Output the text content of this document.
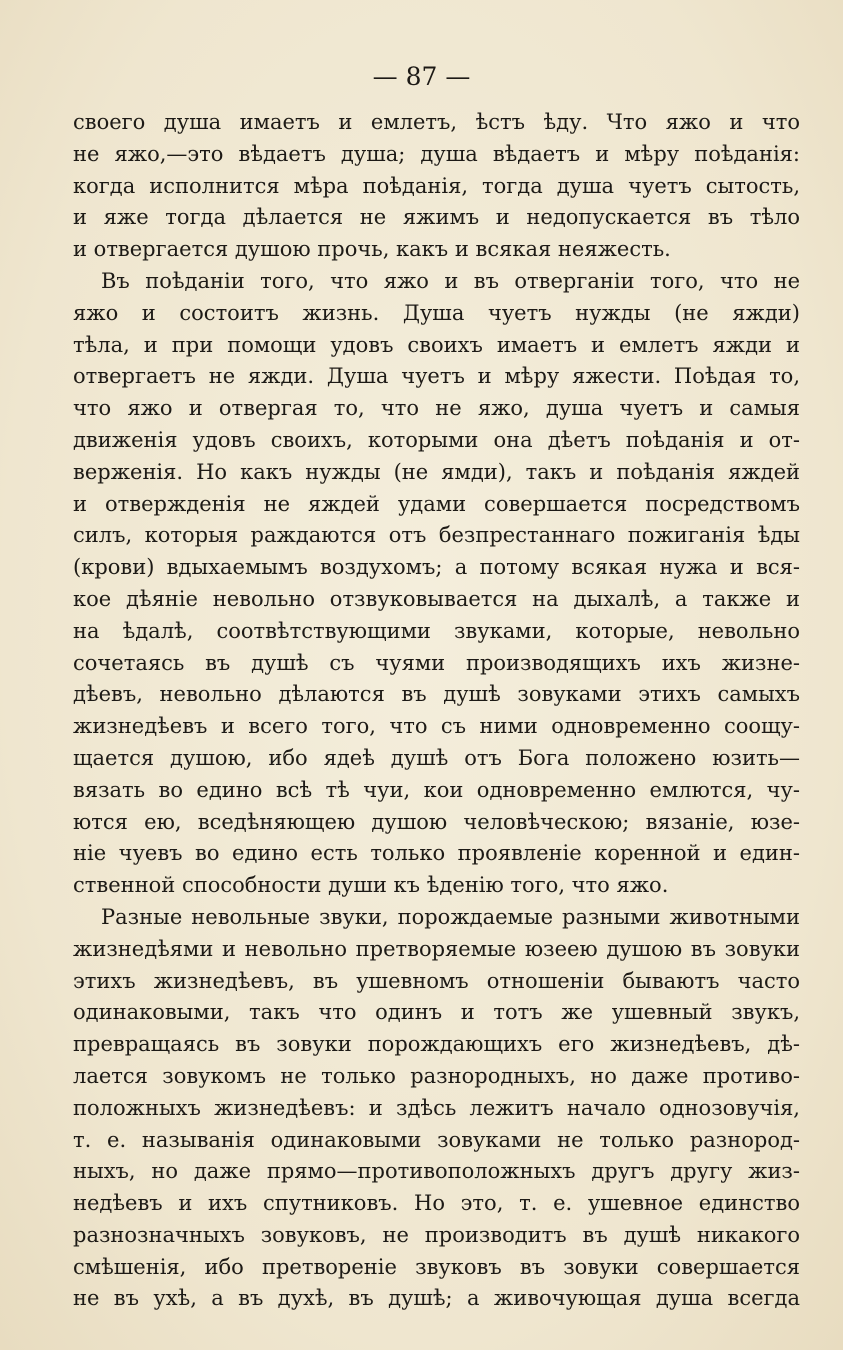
— 87 —
своего душа имаетъ и емлетъ, ѣстъ ѣду. Что яжо и что
не яжо,—это вѣдаетъ душа; душа вѣдаетъ и мѣру поѣданія:
когда исполнится мѣра поѣданія, тогда душа чуетъ сытость,
и яже тогда дѣлается не яжимъ и недопускается въ тѣло
и отвергается душою прочь, какъ и всякая неяжесть.
Въ поѣданіи того, что яжо и въ отверганіи того, что не
яжо и состоитъ жизнь. Душа чуетъ нужды (не яжди)
тѣла, и при помощи удовъ своихъ имаетъ и емлетъ яжди и
отвергаетъ не яжди. Душа чуетъ и мѣру яжести. Поѣдая то,
что яжо и отвергая то, что не яжо, душа чуетъ и самыя
движенія удовъ своихъ, которыми она дѣетъ поѣданія и от-
верженія. Но какъ нужды (не ямди), такъ и поѣданія яждей
и отвержденія не яждей удами совершается посредствомъ
силъ, которыя раждаются отъ безпрестаннаго пожиганія ѣды
(крови) вдыхаемымъ воздухомъ; а потому всякая нужа и вся-
кое дѣяніе невольно отзвуковывается на дыхалѣ, а также и
на ѣдалѣ, соотвѣтствующими звуками, которые, невольно
сочетаясь въ душѣ съ чуями производящихъ ихъ жизне-
дѣевъ, невольно дѣлаются въ душѣ зовуками этихъ самыхъ
жизнедѣевъ и всего того, что съ ними одновременно соощу-
щается душою, ибо ядеѣ душѣ отъ Бога положено юзить—
вязать во едино всѣ тѣ чуи, кои одновременно емлются, чу-
ются ею, вседѣняющею душою человѣческою; вязаніе, юзе-
ніе чуевъ во едино есть только проявленіе коренной и един-
ственной способности души къ ѣденію того, что яжо.
Разные невольные звуки, порождаемые разными животными
жизнедѣями и невольно претворяемые юзеею душою въ зовуки
этихъ жизнедѣевъ, въ ушевномъ отношеніи бываютъ часто
одинаковыми, такъ что одинъ и тотъ же ушевный звукъ,
превращаясь въ зовуки порождающихъ его жизнедѣевъ, дѣ-
лается зовукомъ не только разнородныхъ, но даже противо-
положныхъ жизнедѣевъ: и здѣсь лежитъ начало однозовучія,
т. е. называнія одинаковыми зовуками не только разнород-
ныхъ, но даже прямо—противоположныхъ другъ другу жиз-
недѣевъ и ихъ спутниковъ. Но это, т. е. ушевное единство
разнозначныхъ зовуковъ, не производитъ въ душѣ никакого
смѣшенія, ибо претвореніе звуковъ въ зовуки совершается
не въ ухѣ, а въ духѣ, въ душѣ; а живочующая душа всегда
